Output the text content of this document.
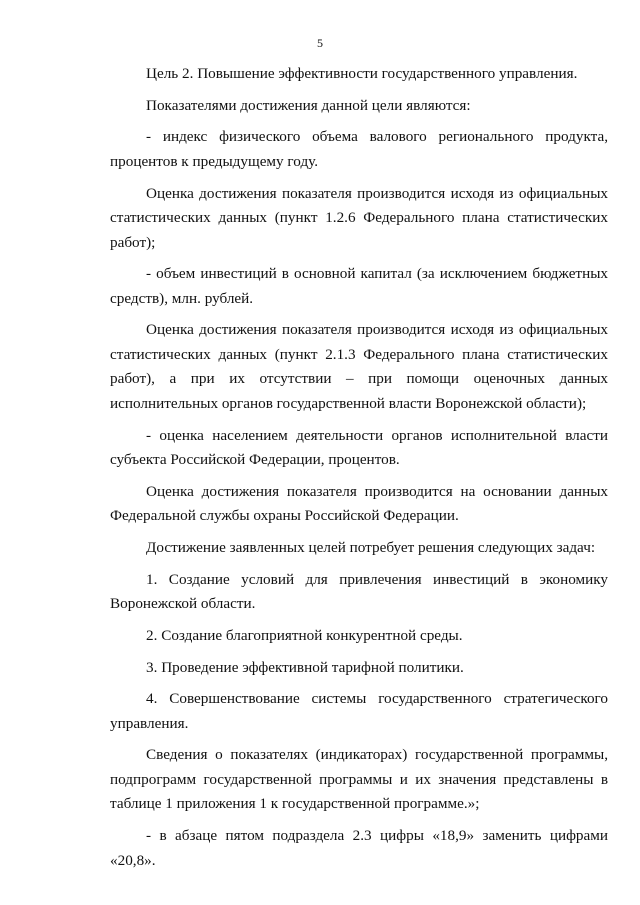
5

Цель 2. Повышение эффективности государственного управления.

Показателями достижения данной цели являются:

- индекс физического объема валового регионального продукта, процентов к предыдущему году.

Оценка достижения показателя производится исходя из официальных статистических данных (пункт 1.2.6 Федерального плана статистических работ);

- объем инвестиций в основной капитал (за исключением бюджетных средств), млн. рублей.

Оценка достижения показателя производится исходя из официальных статистических данных (пункт 2.1.3 Федерального плана статистических работ), а при их отсутствии – при помощи оценочных данных исполнительных органов государственной власти Воронежской области);

- оценка населением деятельности органов исполнительной власти субъекта Российской Федерации, процентов.

Оценка достижения показателя производится на основании данных Федеральной службы охраны Российской Федерации.

Достижение заявленных целей потребует решения следующих задач:

1. Создание условий для привлечения инвестиций в экономику Воронежской области.

2. Создание благоприятной конкурентной среды.

3. Проведение эффективной тарифной политики.

4. Совершенствование системы государственного стратегического управления.

Сведения о показателях (индикаторах) государственной программы, подпрограмм государственной программы и их значения представлены в таблице 1 приложения 1 к государственной программе.»;

- в абзаце пятом подраздела 2.3 цифры «18,9» заменить цифрами «20,8».
